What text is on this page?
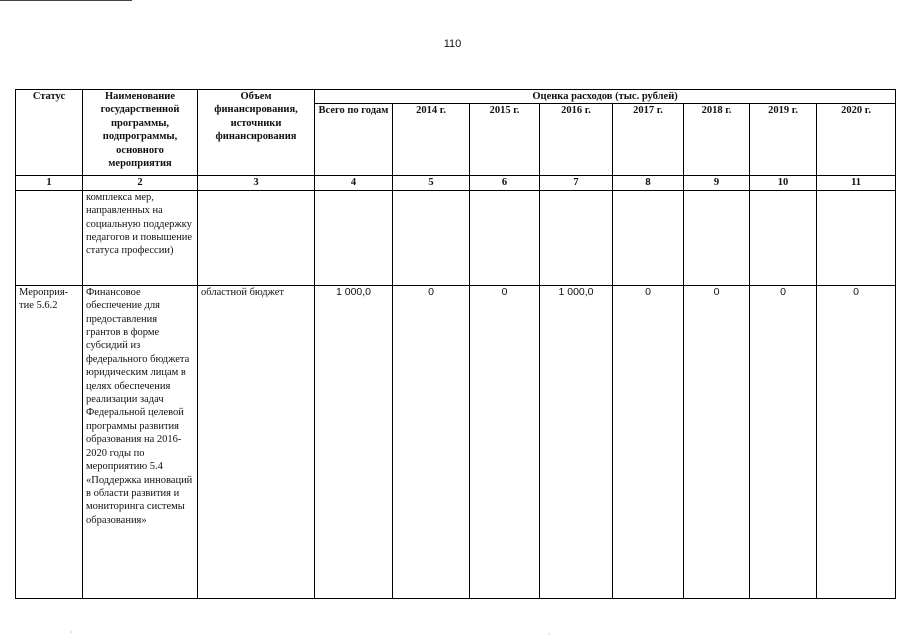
110
Статус	Наименование государственной программы, подпрограммы, основного мероприятия	Объем финансирования, источники финансирования	Оценка расходов (тыс. рублей)							
			Всего по годам	2014 г.	2015 г.	2016 г.	2017 г.	2018 г.	2019 г.	2020 г.
1	2	3	4	5	6	7	8	9	10	11
	комплекса мер, направленных на социальную поддержку педагогов и повышение статуса профессии)									
Мероприя-тие 5.6.2	Финансовое обеспечение для предоставления грантов в форме субсидий из федерального бюджета юридическим лицам в целях обеспечения реализации задач Федеральной целевой программы развития образования на 2016-2020 годы по мероприятию 5.4 «Поддержка инноваций в области развития и мониторинга системы образования»	областной бюджет	1 000,0	0	0	1 000,0	0	0	0	0
·	·
